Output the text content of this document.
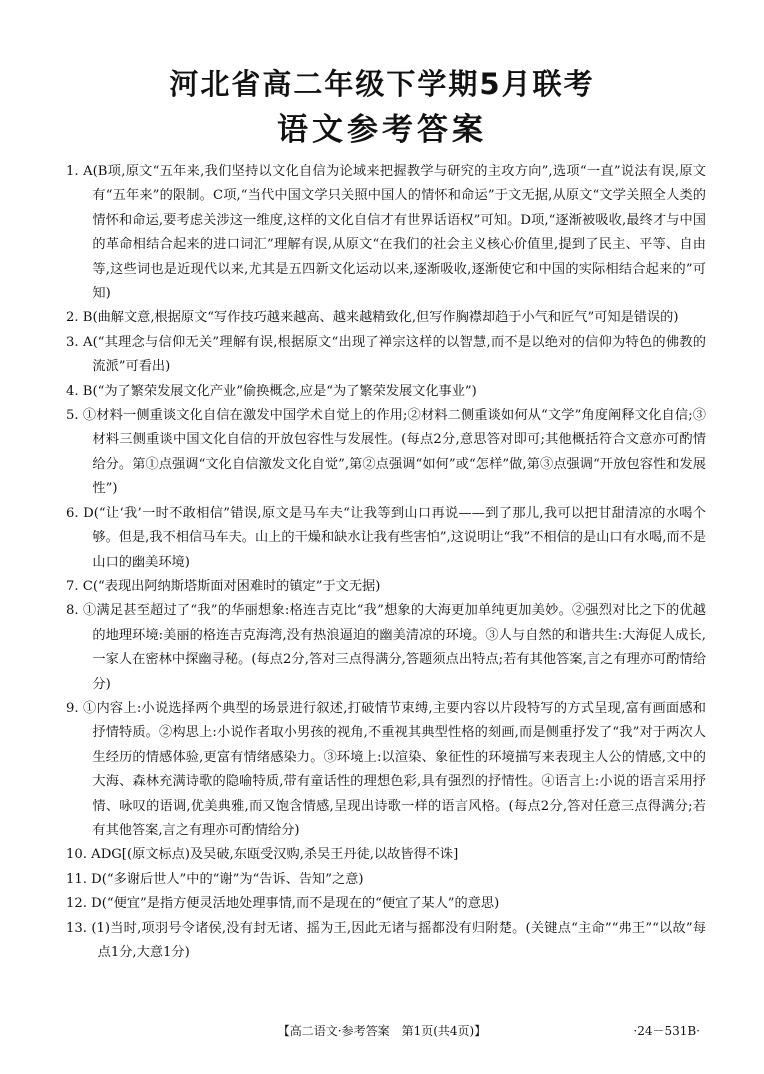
河北省高二年级下学期5月联考
语文参考答案

1. A(B项,原文“五年来,我们坚持以文化自信为论域来把握教学与研究的主攻方向”,选项“一直”说法有误,原文有“五年来”的限制。C项,“当代中国文学只关照中国人的情怀和命运”于文无据,从原文“文学关照全人类的情怀和命运,要考虑关涉这一维度,这样的文化自信才有世界话语权”可知。D项,“逐渐被吸收,最终才与中国的革命相结合起来的进口词汇”理解有误,从原文“在我们的社会主义核心价值里,提到了民主、平等、自由等,这些词也是近现代以来,尤其是五四新文化运动以来,逐渐吸收,逐渐使它和中国的实际相结合起来的”可知)

2. B(曲解文意,根据原文“写作技巧越来越高、越来越精致化,但写作胸襟却趋于小气和匠气”可知是错误的)

3. A(“其理念与信仰无关”理解有误,根据原文“出现了禅宗这样的以智慧,而不是以绝对的信仰为特色的佛教的流派”可看出)

4. B(“为了繁荣发展文化产业”偷换概念,应是“为了繁荣发展文化事业”)

5. ①材料一侧重谈文化自信在激发中国学术自觉上的作用;②材料二侧重谈如何从“文学”角度阐释文化自信;③材料三侧重谈中国文化自信的开放包容性与发展性。(每点2分,意思答对即可;其他概括符合文意亦可酌情给分。第①点强调“文化自信激发文化自觉”,第②点强调“如何”或“怎样”做,第③点强调“开放包容性和发展性”)

6. D(“让‘我’一时不敢相信”错误,原文是马车夫“让我等到山口再说——到了那儿,我可以把甘甜清凉的水喝个够。但是,我不相信马车夫。山上的干燥和缺水让我有些害怕”,这说明让“我”不相信的是山口有水喝,而不是山口的幽美环境)

7. C(“表现出阿纳斯塔斯面对困难时的镇定”于文无据)

8. ①满足甚至超过了“我”的华丽想象:格连吉克比“我”想象的大海更加单纯更加美妙。②强烈对比之下的优越的地理环境:美丽的格连吉克海湾,没有热浪逼迫的幽美清凉的环境。③人与自然的和谐共生:大海促人成长,一家人在密林中探幽寻秘。(每点2分,答对三点得满分,答题须点出特点;若有其他答案,言之有理亦可酌情给分)

9. ①内容上:小说选择两个典型的场景进行叙述,打破情节束缚,主要内容以片段特写的方式呈现,富有画面感和抒情特质。②构思上:小说作者取小男孩的视角,不重视其典型性格的刻画,而是侧重抒发了“我”对于两次人生经历的情感体验,更富有情绪感染力。③环境上:以渲染、象征性的环境描写来表现主人公的情感,文中的大海、森林充满诗歌的隐喻特质,带有童话性的理想色彩,具有强烈的抒情性。④语言上:小说的语言采用抒情、咏叹的语调,优美典雅,而又饱含情感,呈现出诗歌一样的语言风格。(每点2分,答对任意三点得满分;若有其他答案,言之有理亦可酌情给分)

10. ADG[(原文标点)及吴破,东瓯受汉购,杀吴王丹徒,以故皆得不诛]

11. D(“多谢后世人”中的“谢”为“告诉、告知”之意)

12. D(“便宜”是指方便灵活地处理事情,而不是现在的“便宜了某人”的意思)

13. (1)当时,项羽号令诸侯,没有封无诸、摇为王,因此无诸与摇都没有归附楚。(关键点“主命”“弗王”“以故”每点1分,大意1分)

【高二语文·参考答案　第1页(共4页)】	·24－531B·
